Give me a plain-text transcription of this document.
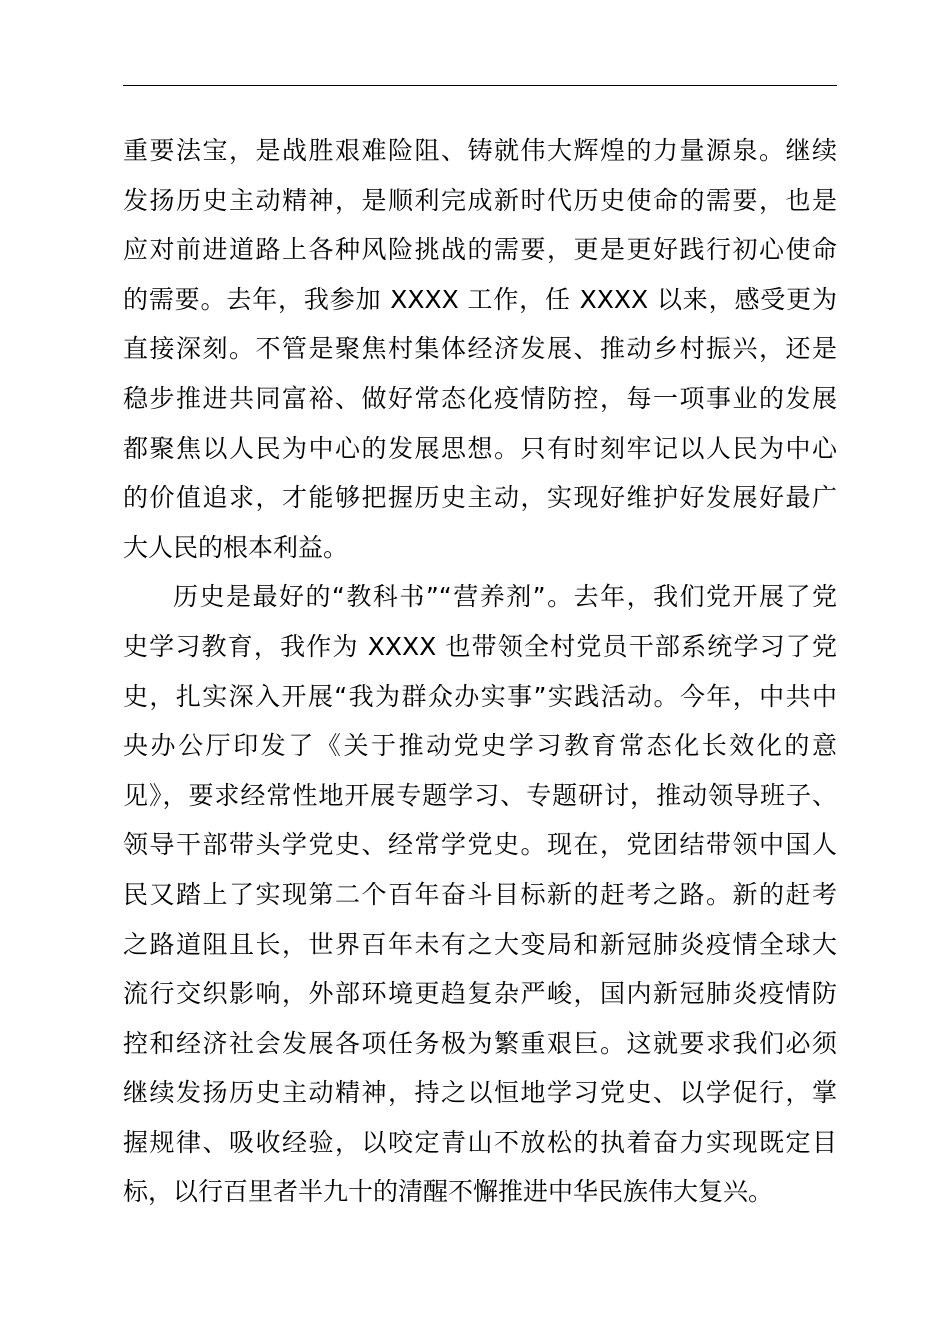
重要法宝，是战胜艰难险阻、铸就伟大辉煌的力量源泉。继续
发扬历史主动精神，是顺利完成新时代历史使命的需要，也是
应对前进道路上各种风险挑战的需要，更是更好践行初心使命
的需要。去年，我参加 XXXX 工作，任 XXXX 以来，感受更为
直接深刻。不管是聚焦村集体经济发展、推动乡村振兴，还是
稳步推进共同富裕、做好常态化疫情防控，每一项事业的发展
都聚焦以人民为中心的发展思想。只有时刻牢记以人民为中心
的价值追求，才能够把握历史主动，实现好维护好发展好最广
大人民的根本利益。
历史是最好的“教科书”“营养剂”。去年，我们党开展了党
史学习教育，我作为 XXXX 也带领全村党员干部系统学习了党
史，扎实深入开展“我为群众办实事”实践活动。今年，中共中
央办公厅印发了《关于推动党史学习教育常态化长效化的意
见》，要求经常性地开展专题学习、专题研讨，推动领导班子、
领导干部带头学党史、经常学党史。现在，党团结带领中国人
民又踏上了实现第二个百年奋斗目标新的赶考之路。新的赶考
之路道阻且长，世界百年未有之大变局和新冠肺炎疫情全球大
流行交织影响，外部环境更趋复杂严峻，国内新冠肺炎疫情防
控和经济社会发展各项任务极为繁重艰巨。这就要求我们必须
继续发扬历史主动精神，持之以恒地学习党史、以学促行，掌
握规律、吸收经验，以咬定青山不放松的执着奋力实现既定目
标，以行百里者半九十的清醒不懈推进中华民族伟大复兴。
